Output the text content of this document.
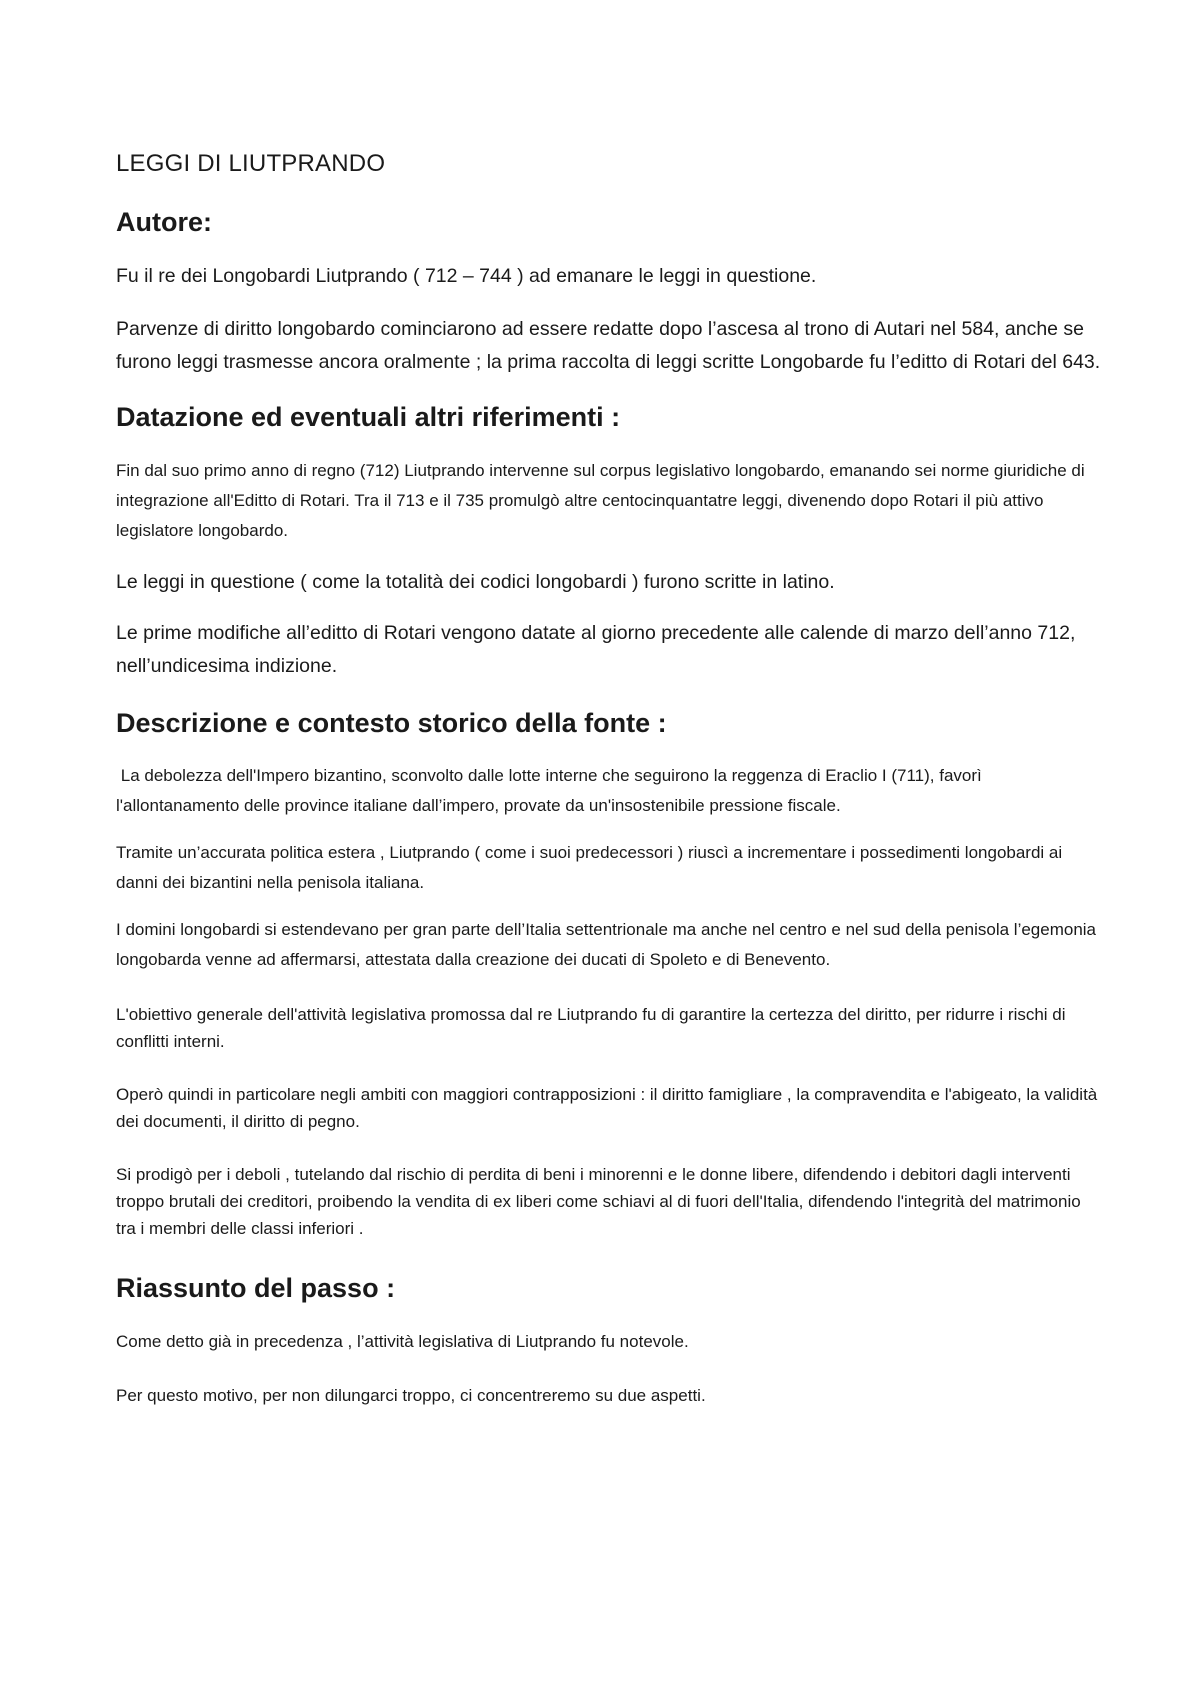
LEGGI DI LIUTPRANDO
Autore:

Fu il re dei Longobardi Liutprando ( 712 – 744 ) ad emanare le leggi in questione.

Parvenze di diritto longobardo cominciarono ad essere redatte dopo l’ascesa al trono di Autari nel 584, anche se furono leggi trasmesse ancora oralmente ; la prima raccolta di leggi scritte Longobarde fu l’editto di Rotari del 643.

Datazione ed eventuali altri riferimenti :

Fin dal suo primo anno di regno (712) Liutprando intervenne sul corpus legislativo longobardo, emanando sei norme giuridiche di integrazione all'Editto di Rotari. Tra il 713 e il 735 promulgò altre centocinquantatre leggi, divenendo dopo Rotari il più attivo legislatore longobardo.

Le leggi in questione ( come la totalità dei codici longobardi ) furono scritte in latino.

Le prime modifiche all’editto di Rotari vengono datate al giorno precedente alle calende di marzo dell’anno 712, nell’undicesima indizione.

Descrizione e contesto storico della fonte :

La debolezza dell'Impero bizantino, sconvolto dalle lotte interne che seguirono la reggenza di Eraclio I (711), favorì l'allontanamento delle province italiane dall’impero, provate da un'insostenibile pressione fiscale.

Tramite un’accurata politica estera , Liutprando ( come i suoi predecessori ) riuscì a incrementare i possedimenti longobardi ai danni dei bizantini nella penisola italiana.

I domini longobardi si estendevano per gran parte dell’Italia settentrionale ma anche nel centro e nel sud della penisola l’egemonia longobarda venne ad affermarsi, attestata dalla creazione dei ducati di Spoleto e di Benevento.

L'obiettivo generale dell'attività legislativa promossa dal re Liutprando fu di garantire la certezza del diritto, per ridurre i rischi di conflitti interni.

Operò quindi in particolare negli ambiti con maggiori contrapposizioni : il diritto famigliare , la compravendita e l'abigeato, la validità dei documenti, il diritto di pegno.

Si prodigò per i deboli , tutelando dal rischio di perdita di beni i minorenni e le donne libere, difendendo i debitori dagli interventi troppo brutali dei creditori, proibendo la vendita di ex liberi come schiavi al di fuori dell'Italia, difendendo l'integrità del matrimonio tra i membri delle classi inferiori .

Riassunto del passo :

Come detto già in precedenza , l’attività legislativa di Liutprando fu notevole.

Per questo motivo, per non dilungarci troppo, ci concentreremo su due aspetti.
